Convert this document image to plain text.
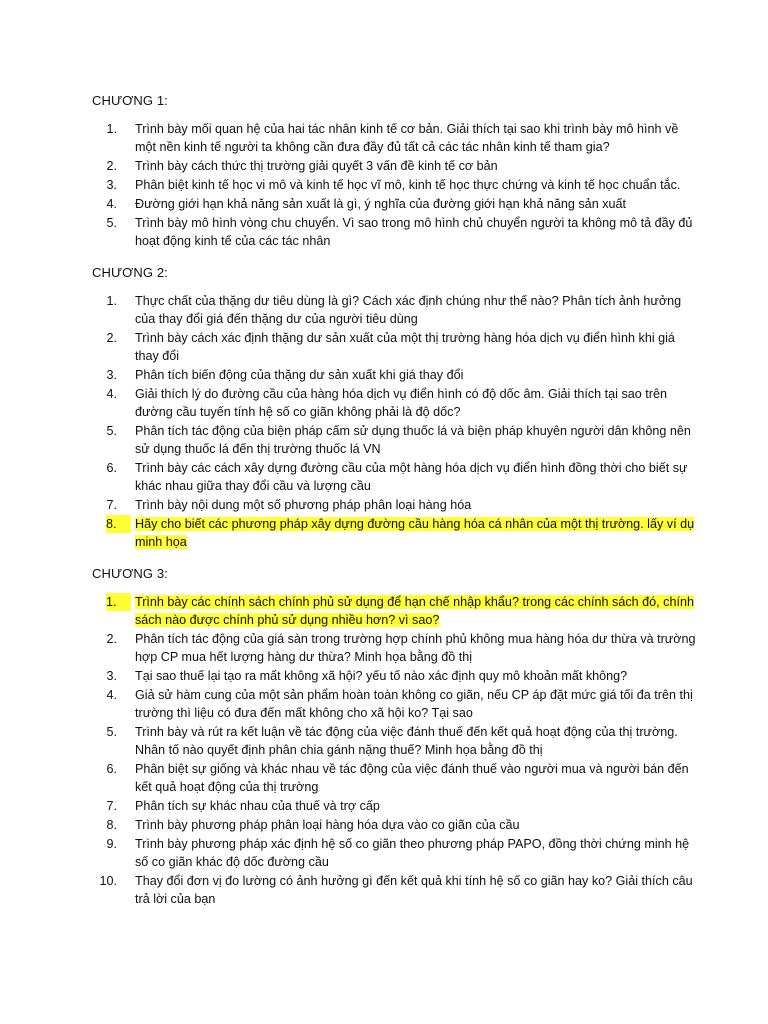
CHƯƠNG 1:
1.	Trình bày mối quan hệ của hai tác nhân kinh tế cơ bản. Giải thích tại sao khi trình bày mô hình về một nền kinh tế người ta không cần đưa đầy đủ tất cả các tác nhân kinh tế tham gia?
2.	Trình bày cách thức thị trường giải quyết 3 vấn đề kinh tế cơ bản
3.	Phân biệt kinh tế học vi mô và kinh tế học vĩ mô, kinh tế học thực chứng và kinh tế học chuẩn tắc.
4.	Đường giới hạn khả năng sản xuất là gì, ý nghĩa của đường giới hạn khả năng sản xuất
5.	Trình bày mô hình vòng chu chuyển. Vì sao trong mô hình chủ chuyển người ta không mô tả đầy đủ hoạt động kinh tế của các tác nhân
CHƯƠNG 2:
1.	Thực chất của thặng dư tiêu dùng là gì? Cách xác định chúng như thế nào? Phân tích ảnh hưởng của thay đổi giá đến thặng dư của người tiêu dùng
2.	Trình bày cách xác định thặng dư sản xuất của một thị trường hàng hóa dịch vụ điển hình khi giá thay đổi
3.	Phân tích biến động của thặng dư sản xuất khi giá thay đổi
4.	Giải thích lý do đường cầu của hàng hóa dịch vụ điển hình có độ dốc âm. Giải thích tại sao trên đường cầu tuyến tính hệ số co giãn không phải là độ dốc?
5.	Phân tích tác động của biện pháp cấm sử dụng thuốc lá và biện pháp khuyên người dân không nên sử dụng thuốc lá đến thị trường thuốc lá VN
6.	Trình bày các cách xây dựng đường cầu của một hàng hóa dịch vụ điển hình đồng thời cho biết sự khác nhau giữa thay đổi cầu và lượng cầu
7.	Trình bày nội dung một số phương pháp phân loại hàng hóa
8.	Hãy cho biết các phương pháp xây dựng đường cầu hàng hóa cá nhân của một thị trường. lấy ví dụ minh họa
CHƯƠNG 3:
1.	Trình bày các chính sách chính phủ sử dụng để hạn chế nhập khẩu? trong các chính sách đó, chính sách nào được chính phủ sử dụng nhiều hơn? vì sao?
2.	Phân tích tác động của giá sàn trong trường hợp chính phủ không mua hàng hóa dư thừa và trường hợp CP mua hết lượng hàng dư thừa? Minh họa bằng đồ thị
3.	Tại sao thuế lại tạo ra mất không xã hội? yếu tố nào xác định quy mô khoản mất không?
4.	Giả sử hàm cung của một sản phẩm hoàn toàn không co giãn, nếu CP áp đặt mức giá tối đa trên thị trường thì liệu có đưa đến mất không cho xã hội ko? Tại sao
5.	Trình bày và rút ra kết luận về tác động của việc đánh thuế đến kết quả hoạt động của thị trường. Nhân tố nào quyết định phân chia gánh nặng thuế? Minh họa bằng đồ thị
6.	Phân biệt sự giống và khác nhau về tác động của việc đánh thuế vào người mua và người bán đến kết quả hoạt động của thị trường
7.	Phân tích sự khác nhau của thuế và trợ cấp
8.	Trình bày phương pháp phân loại hàng hóa dựa vào co giãn của cầu
9.	Trình bày phương pháp xác định hệ số co giãn theo phương pháp PAPO, đồng thời chứng minh hệ số co giãn khác độ dốc đường cầu
10.	Thay đổi đơn vị đo lường có ảnh hưởng gì đến kết quả khi tính hệ số co giãn hay ko? Giải thích câu trả lời của bạn
